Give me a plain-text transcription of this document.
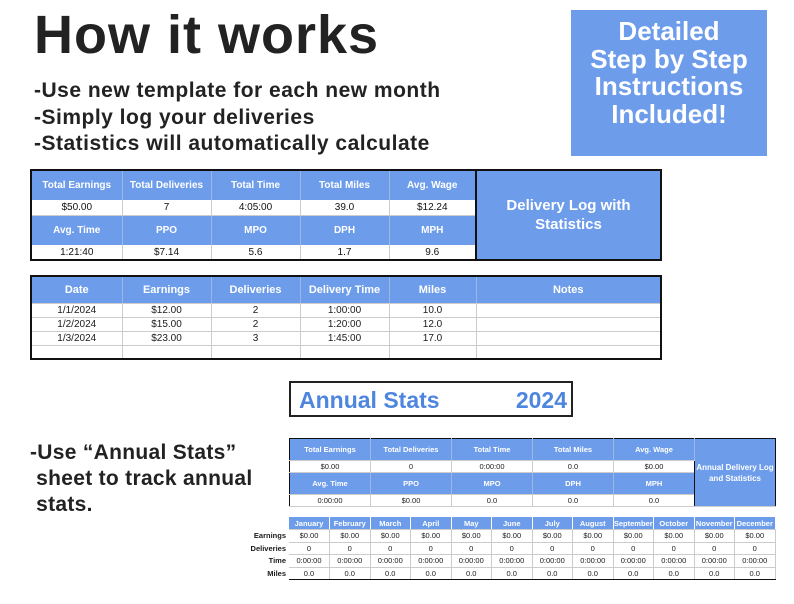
How it works
-Use new template for each new month
-Simply log your deliveries
-Statistics will automatically calculate
Detailed
Step by Step
Instructions
Included!
Total Earnings	Total Deliveries	Total Time	Total Miles	Avg. Wage	Delivery Log with Statistics
$50.00	7	4:05:00	39.0	$12.24	
Avg. Time	PPO	MPO	DPH	MPH	
1:21:40	$7.14	5.6	1.7	9.6	
Date	Earnings	Deliveries	Delivery Time	Miles	Notes
1/1/2024	$12.00	2	1:00:00	10.0	
1/2/2024	$15.00	2	1:20:00	12.0	
1/3/2024	$23.00	3	1:45:00	17.0	

Annual Stats	2024
-Use “Annual Stats”
sheet to track annual
stats.
Total Earnings	Total Deliveries	Total Time	Total Miles	Avg. Wage	Annual Delivery Log and Statistics
$0.00	0	0:00:00	0.0	$0.00	
Avg. Time	PPO	MPO	DPH	MPH	
0:00:00	$0.00	0.0	0.0	0.0	
	January	February	March	April	May	June	July	August	September	October	November	December
Earnings	$0.00	$0.00	$0.00	$0.00	$0.00	$0.00	$0.00	$0.00	$0.00	$0.00	$0.00	$0.00
Deliveries	0	0	0	0	0	0	0	0	0	0	0	0
Time	0:00:00	0:00:00	0:00:00	0:00:00	0:00:00	0:00:00	0:00:00	0:00:00	0:00:00	0:00:00	0:00:00	0:00:00
Miles	0.0	0.0	0.0	0.0	0.0	0.0	0.0	0.0	0.0	0.0	0.0	0.0
